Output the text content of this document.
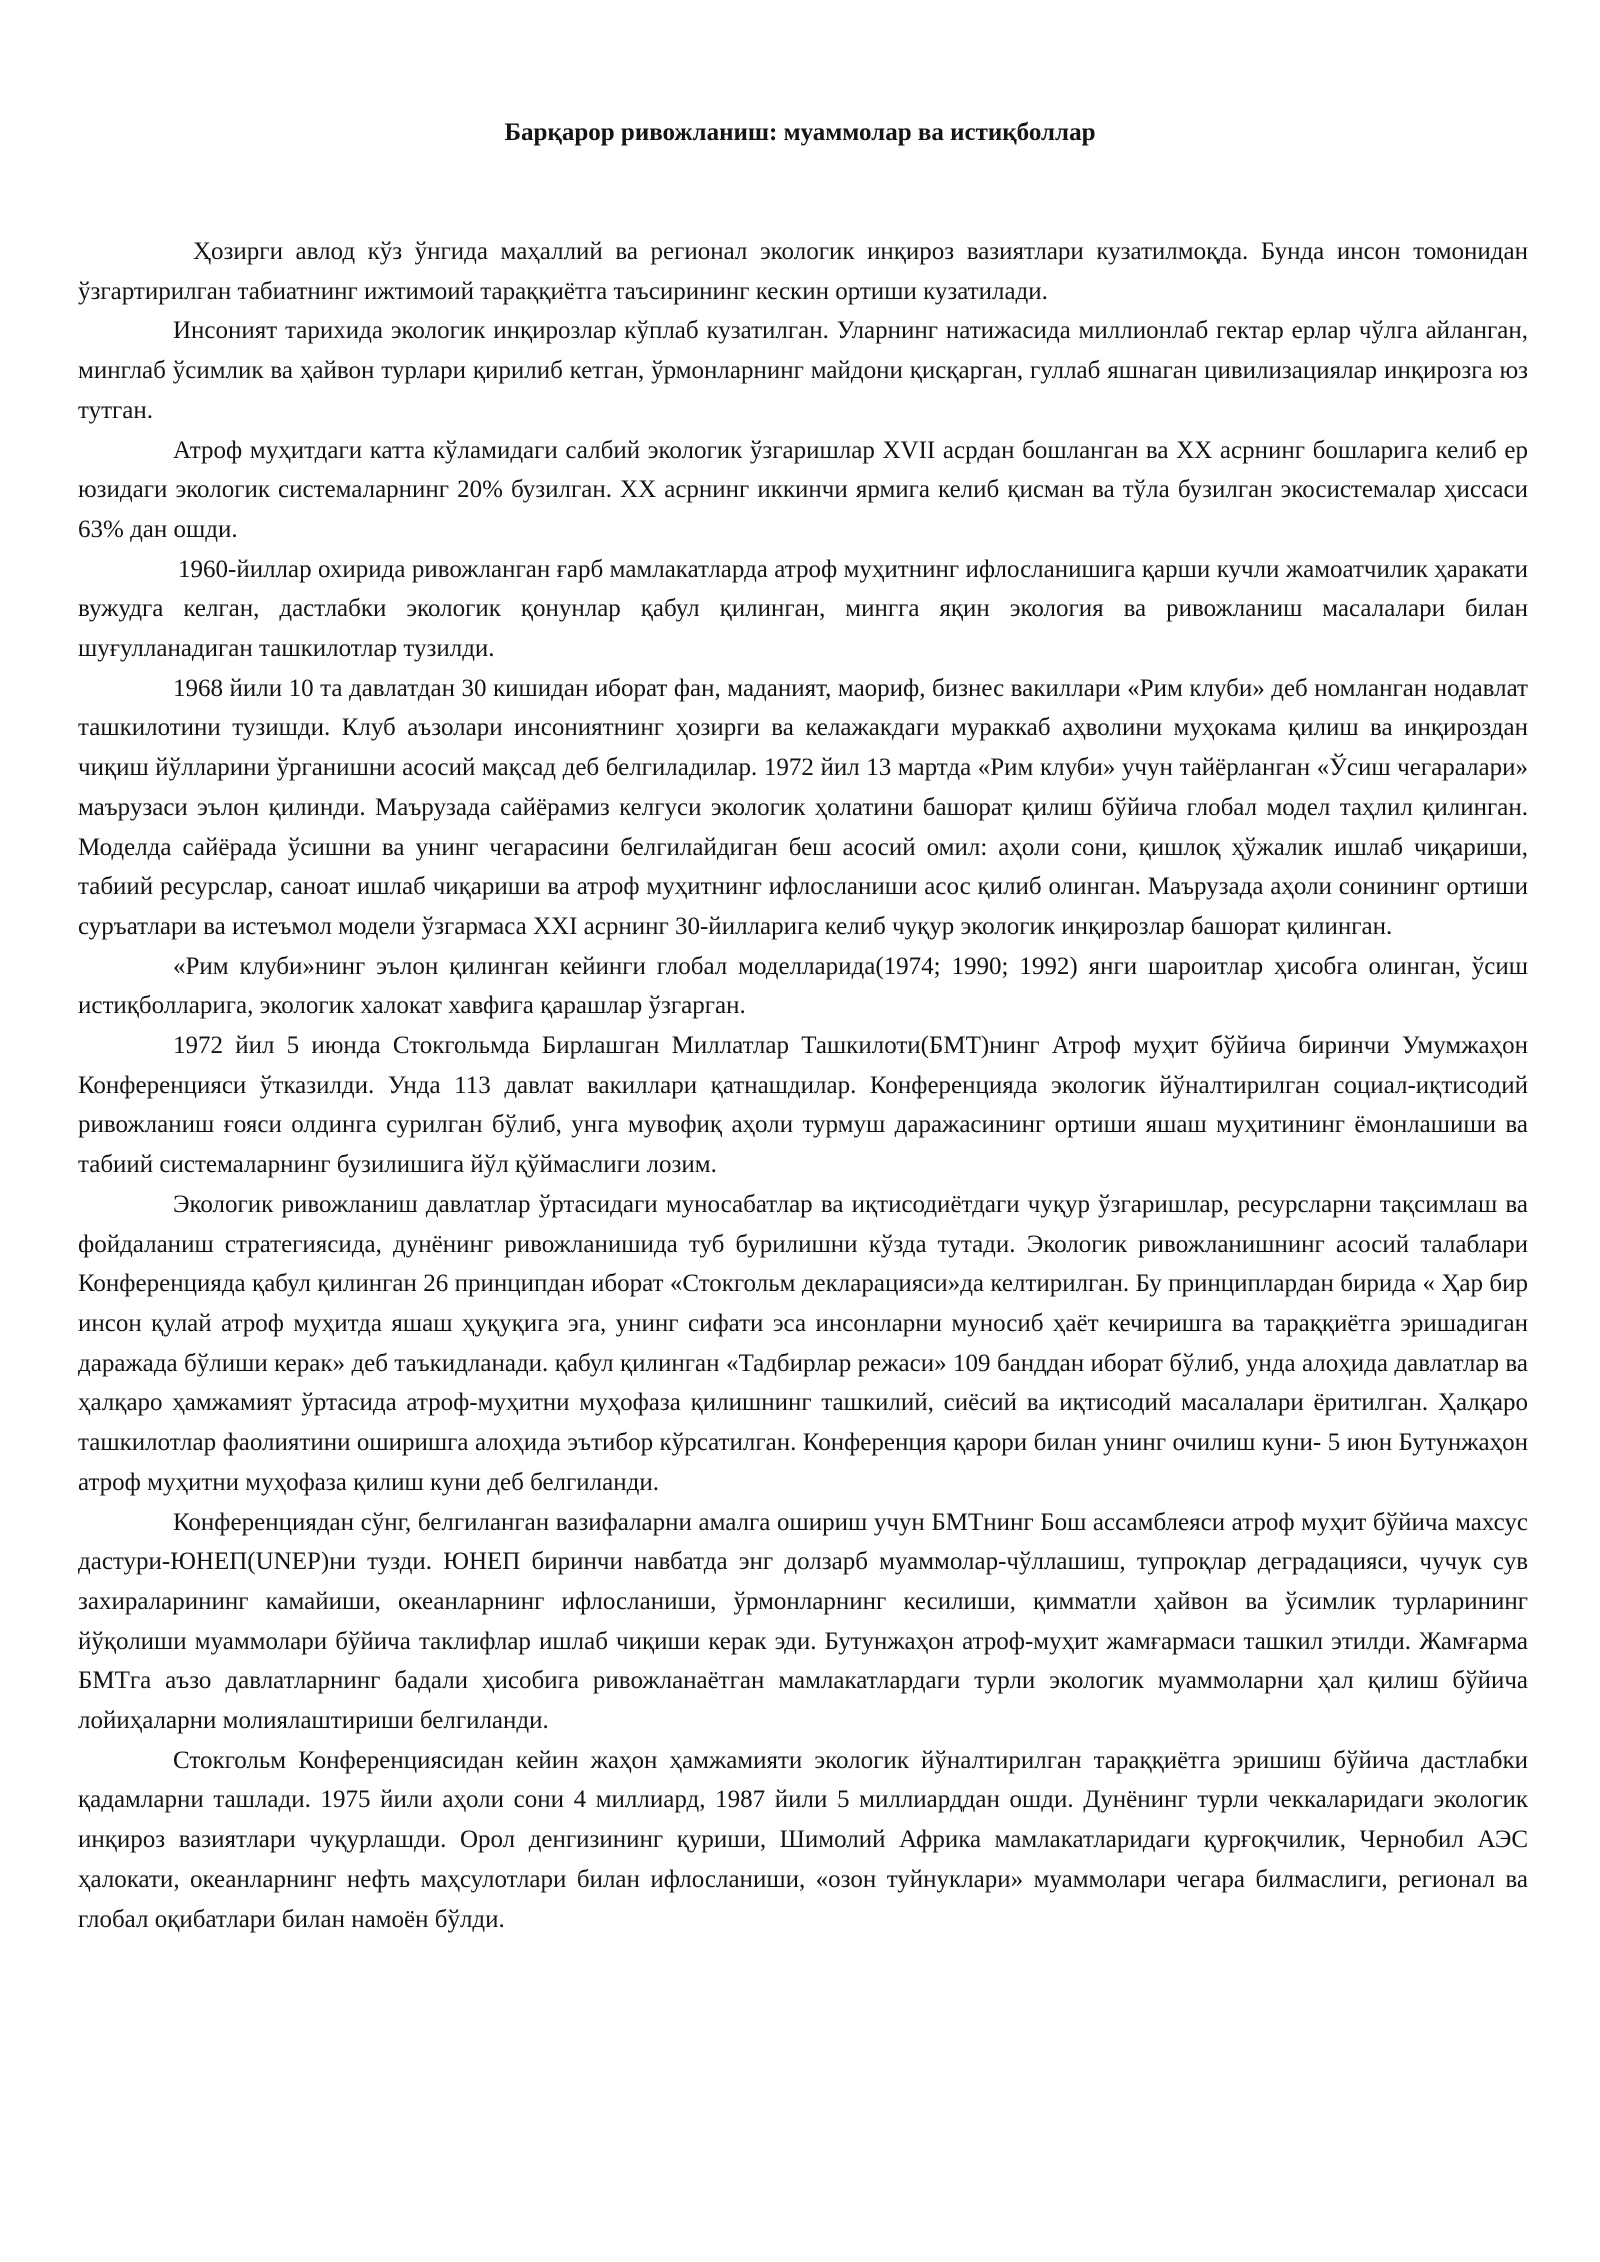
Барқарор ривожланиш: муаммолар ва истиқболлар

Ҳозирги авлод кўз ўнгида маҳаллий ва регионал экологик инқироз вазиятлари кузатилмоқда. Бунда инсон томонидан ўзгартирилган табиатнинг ижтимоий тараққиётга таъсирининг кескин ортиши кузатилади.

Инсоният тарихида экологик инқирозлар кўплаб кузатилган. Уларнинг натижасида миллионлаб гектар ерлар чўлга айланган, минглаб ўсимлик ва ҳайвон турлари қирилиб кетган, ўрмонларнинг майдони қисқарган, гуллаб яшнаган цивилизациялар инқирозга юз тутган.

Атроф муҳитдаги катта кўламидаги салбий экологик ўзгаришлар XVII асрдан бошланган ва XX асрнинг бошларига келиб ер юзидаги экологик системаларнинг 20% бузилган. XX асрнинг иккинчи ярмига келиб қисман ва тўла бузилган экосистемалар ҳиссаси 63% дан ошди.

1960-йиллар охирида ривожланган ғарб мамлакатларда атроф муҳитнинг ифлосланишига қарши кучли жамоатчилик ҳаракати вужудга келган, дастлабки экологик қонунлар қабул қилинган, мингга яқин экология ва ривожланиш масалалари билан шуғулланадиган ташкилотлар тузилди.

1968 йили 10 та давлатдан 30 кишидан иборат фан, маданият, маориф, бизнес вакиллари «Рим клуби» деб номланган нодавлат ташкилотини тузишди. Клуб аъзолари инсониятнинг ҳозирги ва келажакдаги мураккаб аҳволини муҳокама қилиш ва инқироздан чиқиш йўлларини ўрганишни асосий мақсад деб белгиладилар. 1972 йил 13 мартда «Рим клуби» учун тайёрланган «Ўсиш чегаралари» маърузаси эълон қилинди. Маърузада сайёрамиз келгуси экологик ҳолатини башорат қилиш бўйича глобал модел таҳлил қилинган. Моделда сайёрада ўсишни ва унинг чегарасини белгилайдиган беш асосий омил: аҳоли сони, қишлоқ ҳўжалик ишлаб чиқариши, табиий ресурслар, саноат ишлаб чиқариши ва атроф муҳитнинг ифлосланиши асос қилиб олинган. Маърузада аҳоли сонининг ортиши суръатлари ва истеъмол модели ўзгармаса XXI асрнинг 30-йилларига келиб чуқур экологик инқирозлар башорат қилинган.

«Рим клуби»нинг эълон қилинган кейинги глобал моделларида(1974; 1990; 1992) янги шароитлар ҳисобга олинган, ўсиш истиқболларига, экологик халокат хавфига қарашлар ўзгарган.

1972 йил 5 июнда Стокгольмда Бирлашган Миллатлар Ташкилоти(БМТ)нинг Атроф муҳит бўйича биринчи Умумжаҳон Конференцияси ўтказилди. Унда 113 давлат вакиллари қатнашдилар. Конференцияда экологик йўналтирилган социал-иқтисодий ривожланиш ғояси олдинга сурилган бўлиб, унга мувофиқ аҳоли турмуш даражасининг ортиши яшаш муҳитининг ёмонлашиши ва табиий системаларнинг бузилишига йўл қўймаслиги лозим.

Экологик ривожланиш давлатлар ўртасидаги муносабатлар ва иқтисодиётдаги чуқур ўзгаришлар, ресурсларни тақсимлаш ва фойдаланиш стратегиясида, дунёнинг ривожланишида туб бурилишни кўзда тутади. Экологик ривожланишнинг асосий талаблари Конференцияда қабул қилинган 26 принципдан иборат «Стокгольм декларацияси»да келтирилган. Бу принциплардан бирида « Ҳар бир инсон қулай атроф муҳитда яшаш ҳуқуқига эга, унинг сифати эса инсонларни муносиб ҳаёт кечиришга ва тараққиётга эришадиган даражада бўлиши керак» деб таъкидланади. қабул қилинган «Тадбирлар режаси» 109 банддан иборат бўлиб, унда алоҳида давлатлар ва ҳалқаро ҳамжамият ўртасида атроф-муҳитни муҳофаза қилишнинг ташкилий, сиёсий ва иқтисодий масалалари ёритилган. Ҳалқаро ташкилотлар фаолиятини оширишга алоҳида эътибор кўрсатилган. Конференция қарори билан унинг очилиш куни- 5 июн Бутунжаҳон атроф муҳитни муҳофаза қилиш куни деб белгиланди.

Конференциядан сўнг, белгиланган вазифаларни амалга ошириш учун БМТнинг Бош ассамблеяси атроф муҳит бўйича махсус дастури-ЮНЕП(UNEP)ни тузди. ЮНЕП биринчи навбатда энг долзарб муаммолар-чўллашиш, тупроқлар деградацияси, чучук сув захираларининг камайиши, океанларнинг ифлосланиши, ўрмонларнинг кесилиши, қимматли ҳайвон ва ўсимлик турларининг йўқолиши муаммолари бўйича таклифлар ишлаб чиқиши керак эди. Бутунжаҳон атроф-муҳит жамғармаси ташкил этилди. Жамғарма БМТга аъзо давлатларнинг бадали ҳисобига ривожланаётган мамлакатлардаги турли экологик муаммоларни ҳал қилиш бўйича лойиҳаларни молиялаштириши белгиланди.

Стокгольм Конференциясидан кейин жаҳон ҳамжамияти экологик йўналтирилган тараққиётга эришиш бўйича дастлабки қадамларни ташлади. 1975 йили аҳоли сони 4 миллиард, 1987 йили 5 миллиарддан ошди. Дунёнинг турли чеккаларидаги экологик инқироз вазиятлари чуқурлашди. Орол денгизининг қуриши, Шимолий Африка мамлакатларидаги қурғоқчилик, Чернобил АЭС ҳалокати, океанларнинг нефть маҳсулотлари билан ифлосланиши, «озон туйнуклари» муаммолари чегара билмаслиги, регионал ва глобал оқибатлари билан намоён бўлди.
